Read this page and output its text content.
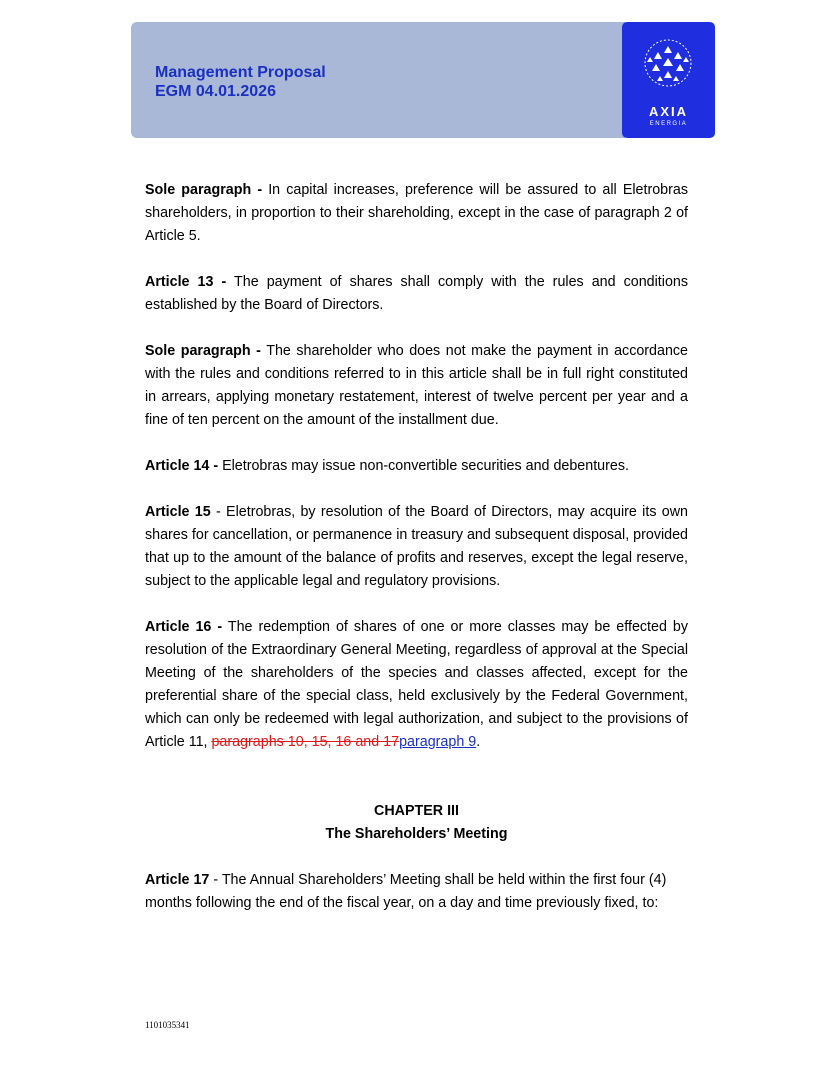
Management Proposal
EGM 04.01.2026
AXIA
ENERGIA

Sole paragraph - In capital increases, preference will be assured to all Eletrobras shareholders, in proportion to their shareholding, except in the case of paragraph 2 of Article 5.

Article 13 - The payment of shares shall comply with the rules and conditions established by the Board of Directors.

Sole paragraph - The shareholder who does not make the payment in accordance with the rules and conditions referred to in this article shall be in full right constituted in arrears, applying monetary restatement, interest of twelve percent per year and a fine of ten percent on the amount of the installment due.

Article 14 - Eletrobras may issue non-convertible securities and debentures.

Article 15 - Eletrobras, by resolution of the Board of Directors, may acquire its own shares for cancellation, or permanence in treasury and subsequent disposal, provided that up to the amount of the balance of profits and reserves, except the legal reserve, subject to the applicable legal and regulatory provisions.

Article 16 - The redemption of shares of one or more classes may be effected by resolution of the Extraordinary General Meeting, regardless of approval at the Special Meeting of the shareholders of the species and classes affected, except for the preferential share of the special class, held exclusively by the Federal Government, which can only be redeemed with legal authorization, and subject to the provisions of Article 11, paragraphs 10, 15, 16 and 17paragraph 9.

CHAPTER III
The Shareholders’ Meeting

Article 17 - The Annual Shareholders’ Meeting shall be held within the first four (4)
months following the end of the fiscal year, on a day and time previously fixed, to:

1101035341
